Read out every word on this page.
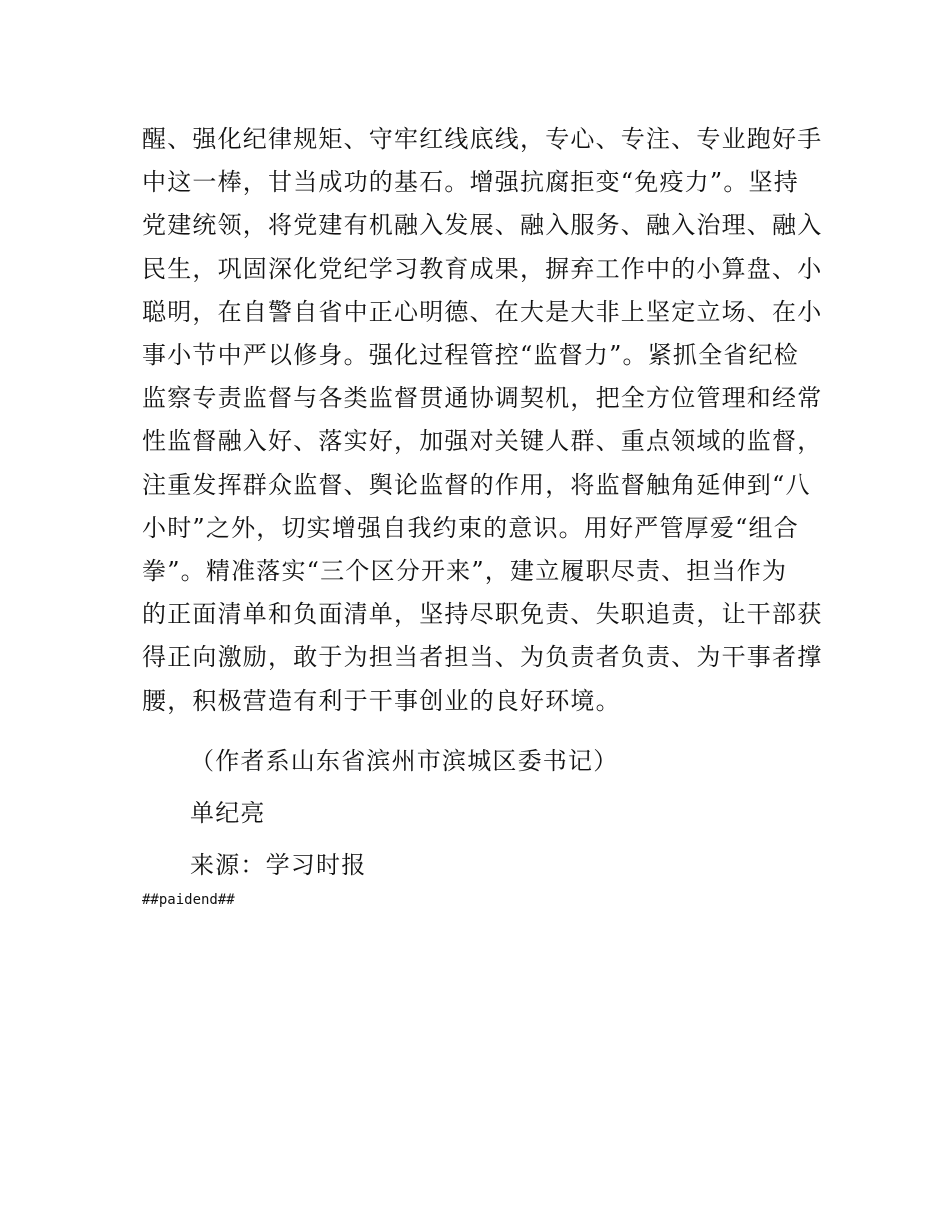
醒、强化纪律规矩、守牢红线底线，专心、专注、专业跑好手
中这一棒，甘当成功的基石。增强抗腐拒变“免疫力”。坚持
党建统领，将党建有机融入发展、融入服务、融入治理、融入
民生，巩固深化党纪学习教育成果，摒弃工作中的小算盘、小
聪明，在自警自省中正心明德、在大是大非上坚定立场、在小
事小节中严以修身。强化过程管控“监督力”。紧抓全省纪检
监察专责监督与各类监督贯通协调契机，把全方位管理和经常
性监督融入好、落实好，加强对关键人群、重点领域的监督，
注重发挥群众监督、舆论监督的作用，将监督触角延伸到“八
小时”之外，切实增强自我约束的意识。用好严管厚爱“组合
拳”。精准落实“三个区分开来”，建立履职尽责、担当作为
的正面清单和负面清单，坚持尽职免责、失职追责，让干部获
得正向激励，敢于为担当者担当、为负责者负责、为干事者撑
腰，积极营造有利于干事创业的良好环境。

（作者系山东省滨州市滨城区委书记）

单纪亮

来源：学习时报

##paidend##
